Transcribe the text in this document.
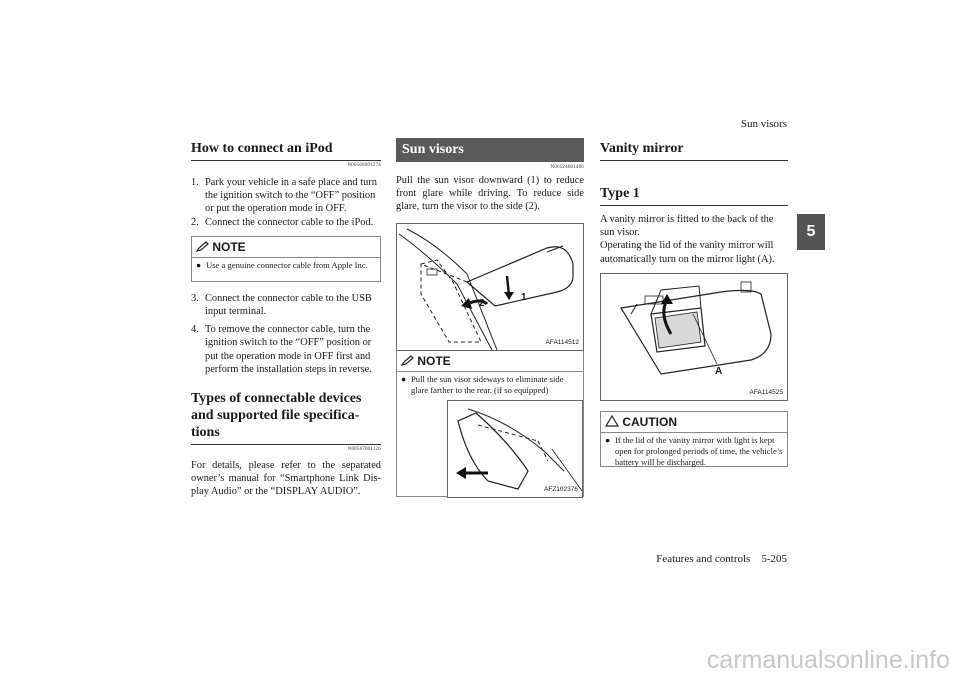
Sun visors
5
How to connect an iPod
N00566901274
1. Park your vehicle in a safe place and turn the ignition switch to the “OFF” position or put the operation mode in OFF.
2. Connect the connector cable to the iPod.
NOTE
● Use a genuine connector cable from Apple Inc.
3. Connect the connector cable to the USB input terminal.
4. To remove the connector cable, turn the ignition switch to the “OFF” position or put the operation mode in OFF first and perform the installation steps in reverse.
Types of connectable devices and supported file specifica-tions
N00567001126
For details, please refer to the separated owner’s manual for “Smartphone Link Dis-play Audio” or the “DISPLAY AUDIO”.
Sun visors
N00524601406
Pull the sun visor downward (1) to reduce front glare while driving. To reduce side glare, turn the visor to the side (2).
1
2
AFA114512
NOTE
● Pull the sun visor sideways to eliminate side glare farther to the rear. (if so equipped)
AFZ102376
Vanity mirror
Type 1
A vanity mirror is fitted to the back of the sun visor.
Operating the lid of the vanity mirror will automatically turn on the mirror light (A).
A
AFA114525
CAUTION
● If the lid of the vanity mirror with light is kept open for prolonged periods of time, the vehicle’s battery will be discharged.
Features and controls 5-205
carmanualsonline.info
